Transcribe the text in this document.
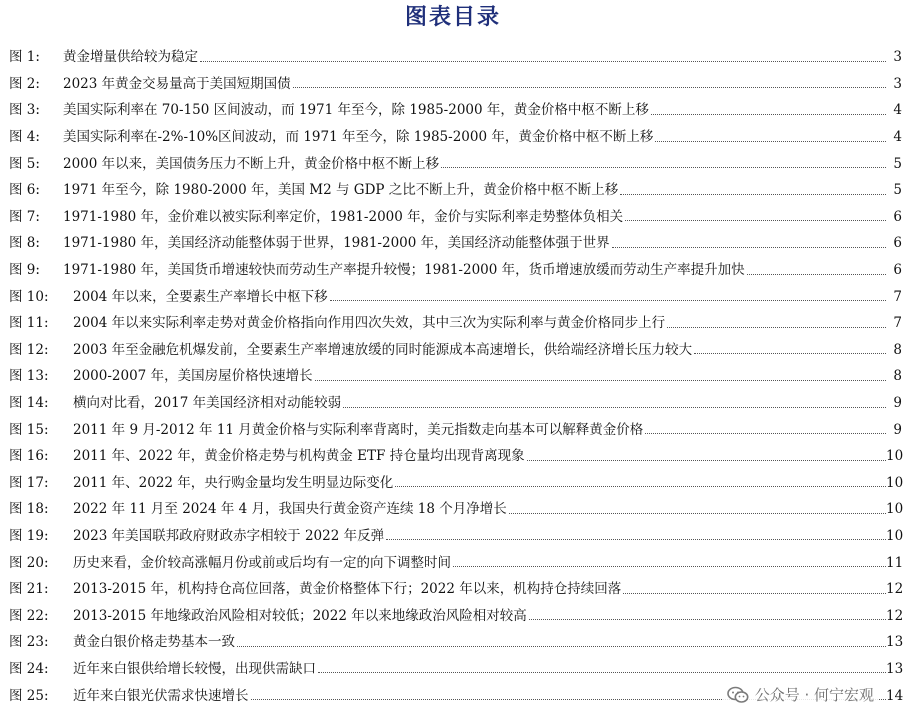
图表目录
图 1:	黄金增量供给较为稳定	3
图 2:	2023 年黄金交易量高于美国短期国债	3
图 3:	美国实际利率在 70-150 区间波动，而 1971 年至今，除 1985-2000 年，黄金价格中枢不断上移	4
图 4:	美国实际利率在-2%-10%区间波动，而 1971 年至今，除 1985-2000 年，黄金价格中枢不断上移	4
图 5:	2000 年以来，美国债务压力不断上升，黄金价格中枢不断上移	5
图 6:	1971 年至今，除 1980-2000 年，美国 M2 与 GDP 之比不断上升，黄金价格中枢不断上移	5
图 7:	1971-1980 年，金价难以被实际利率定价，1981-2000 年，金价与实际利率走势整体负相关	6
图 8:	1971-1980 年，美国经济动能整体弱于世界，1981-2000 年，美国经济动能整体强于世界	6
图 9:	1971-1980 年，美国货币增速较快而劳动生产率提升较慢；1981-2000 年，货币增速放缓而劳动生产率提升加快	6
图 10:	2004 年以来，全要素生产率增长中枢下移	7
图 11:	2004 年以来实际利率走势对黄金价格指向作用四次失效，其中三次为实际利率与黄金价格同步上行	7
图 12:	2003 年至金融危机爆发前，全要素生产率增速放缓的同时能源成本高速增长，供给端经济增长压力较大	8
图 13:	2000-2007 年，美国房屋价格快速增长	8
图 14:	横向对比看，2017 年美国经济相对动能较弱	9
图 15:	2011 年 9 月-2012 年 11 月黄金价格与实际利率背离时，美元指数走向基本可以解释黄金价格	9
图 16:	2011 年、2022 年，黄金价格走势与机构黄金 ETF 持仓量均出现背离现象	10
图 17:	2011 年、2022 年，央行购金量均发生明显边际变化	10
图 18:	2022 年 11 月至 2024 年 4 月，我国央行黄金资产连续 18 个月净增长	10
图 19:	2023 年美国联邦政府财政赤字相较于 2022 年反弹	10
图 20:	历史来看，金价较高涨幅月份或前或后均有一定的向下调整时间	11
图 21:	2013-2015 年，机构持仓高位回落，黄金价格整体下行；2022 年以来，机构持仓持续回落	12
图 22:	2013-2015 年地缘政治风险相对较低；2022 年以来地缘政治风险相对较高	12
图 23:	黄金白银价格走势基本一致	13
图 24:	近年来白银供给增长较慢，出现供需缺口	13
图 25:	近年来白银光伏需求快速增长	14
公众号 · 何宁宏观
